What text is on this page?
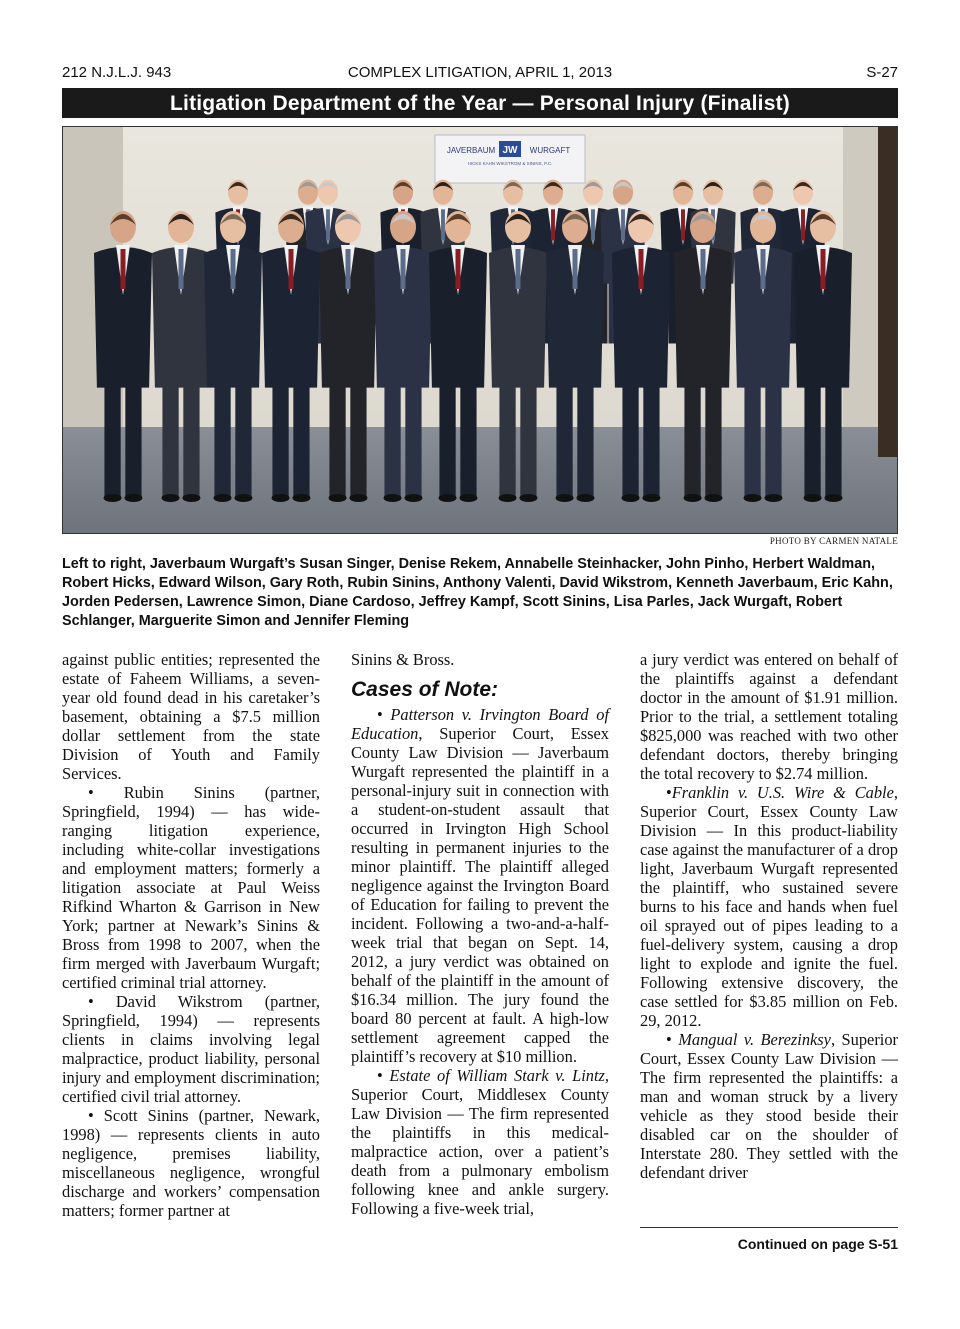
212 N.J.L.J. 943	COMPLEX LITIGATION, APRIL 1, 2013	S-27
Litigation Department of the Year — Personal Injury (Finalist)
JAVERBAUM JW WURGAFT
HICKS KAHN WIKSTROM & SININS, P.C.
PHOTO BY CARMEN NATALE
Left to right, Javerbaum Wurgaft’s Susan Singer, Denise Rekem, Annabelle Steinhacker, John Pinho, Herbert Waldman, Robert Hicks, Edward Wilson, Gary Roth, Rubin Sinins, Anthony Valenti, David Wikstrom, Kenneth Javerbaum, Eric Kahn, Jorden Pedersen, Lawrence Simon, Diane Cardoso, Jeffrey Kampf, Scott Sinins, Lisa Parles, Jack Wurgaft, Robert Schlanger, Marguerite Simon and Jennifer Fleming

against public entities; represented the estate of Faheem Williams, a seven-year old found dead in his caretaker’s basement, obtaining a $7.5 million dollar settlement from the state Division of Youth and Family Services.

• Rubin Sinins (partner, Springfield, 1994) — has wide-ranging litigation experience, including white-collar investigations and employment matters; formerly a litigation associate at Paul Weiss Rifkind Wharton & Garrison in New York; partner at Newark’s Sinins & Bross from 1998 to 2007, when the firm merged with Javerbaum Wurgaft; certified criminal trial attorney.

• David Wikstrom (partner, Springfield, 1994) — represents clients in claims involving legal malpractice, product liability, personal injury and employment discrimination; certified civil trial attorney.

• Scott Sinins (partner, Newark, 1998) — represents clients in auto negligence, premises liability, miscellaneous negligence, wrongful discharge and workers’ compensation matters; former partner at

Sinins & Bross.

Cases of Note:

• Patterson v. Irvington Board of Education, Superior Court, Essex County Law Division — Javerbaum Wurgaft represented the plaintiff in a personal-injury suit in connection with a student-on-student assault that occurred in Irvington High School resulting in permanent injuries to the minor plaintiff. The plaintiff alleged negligence against the Irvington Board of Education for failing to prevent the incident. Following a two-and-a-half-week trial that began on Sept. 14, 2012, a jury verdict was obtained on behalf of the plaintiff in the amount of $16.34 million. The jury found the board 80 percent at fault. A high-low settlement agreement capped the plaintiff’s recovery at $10 million.

• Estate of William Stark v. Lintz, Superior Court, Middlesex County Law Division — The firm represented the plaintiffs in this medical-malpractice action, over a patient’s death from a pulmonary embolism following knee and ankle surgery. Following a five-week trial,

a jury verdict was entered on behalf of the plaintiffs against a defendant doctor in the amount of $1.91 million. Prior to the trial, a settlement totaling $825,000 was reached with two other defendant doctors, thereby bringing the total recovery to $2.74 million.

•Franklin v. U.S. Wire & Cable, Superior Court, Essex County Law Division — In this product-liability case against the manufacturer of a drop light, Javerbaum Wurgaft represented the plaintiff, who sustained severe burns to his face and hands when fuel oil sprayed out of pipes leading to a fuel-delivery system, causing a drop light to explode and ignite the fuel. Following extensive discovery, the case settled for $3.85 million on Feb. 29, 2012.

• Mangual v. Berezinksy, Superior Court, Essex County Law Division — The firm represented the plaintiffs: a man and woman struck by a livery vehicle as they stood beside their disabled car on the shoulder of Interstate 280. They settled with the defendant driver

Continued on page S-51
